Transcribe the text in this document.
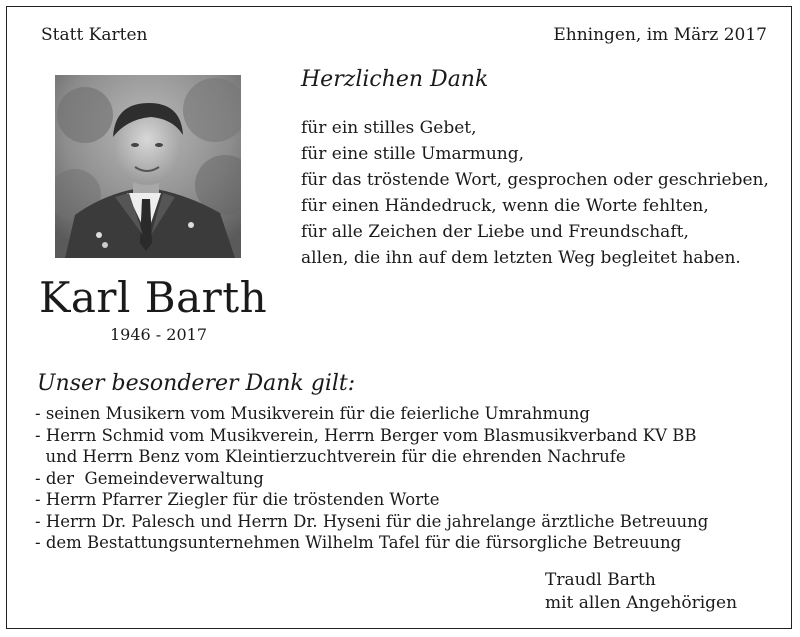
Statt Karten	Ehningen, im März 2017
Karl Barth
1946 - 2017
Herzlichen Dank
für ein stilles Gebet,
für eine stille Umarmung,
für das tröstende Wort, gesprochen oder geschrieben,
für einen Händedruck, wenn die Worte fehlten,
für alle Zeichen der Liebe und Freundschaft,
allen, die ihn auf dem letzten Weg begleitet haben.
Unser besonderer Dank gilt:
- seinen Musikern vom Musikverein für die feierliche Umrahmung
- Herrn Schmid vom Musikverein, Herrn Berger vom Blasmusikverband KV BB
und Herrn Benz vom Kleintierzuchtverein für die ehrenden Nachrufe
- der  Gemeindeverwaltung
- Herrn Pfarrer Ziegler für die tröstenden Worte
- Herrn Dr. Palesch und Herrn Dr. Hyseni für die jahrelange ärztliche Betreuung
- dem Bestattungsunternehmen Wilhelm Tafel für die fürsorgliche Betreuung
Traudl Barth
mit allen Angehörigen
